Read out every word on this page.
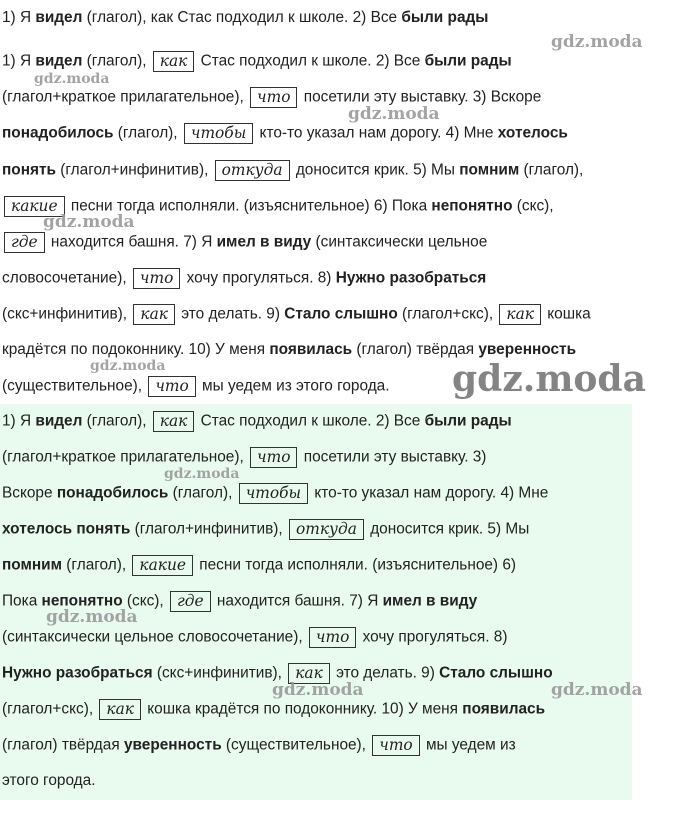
1) Я видел (глагол), как Стас подходил к школе. 2) Все были рады
1) Я видел (глагол), как Стас подходил к школе. 2) Все были рады
(глагол+краткое прилагательное), что посетили эту выставку. 3) Вскоре
понадобилось (глагол), чтобы кто-то указал нам дорогу. 4) Мне хотелось
понять (глагол+инфинитив), откуда доносится крик. 5) Мы помним (глагол),
какие песни тогда исполняли. (изъяснительное) 6) Пока непонятно (скс),
где находится башня. 7) Я имел в виду (синтаксически цельное
словосочетание), что хочу прогуляться. 8) Нужно разобраться
(скс+инфинитив), как это делать. 9) Стало слышно (глагол+скс), как кошка
крадётся по подоконнику. 10) У меня появилась (глагол) твёрдая уверенность
(существительное), что мы уедем из этого города.
1) Я видел (глагол), как Стас подходил к школе. 2) Все были рады
(глагол+краткое прилагательное), что посетили эту выставку. 3)
Вскоре понадобилось (глагол), чтобы кто-то указал нам дорогу. 4) Мне
хотелось понять (глагол+инфинитив), откуда доносится крик. 5) Мы
помним (глагол), какие песни тогда исполняли. (изъяснительное) 6)
Пока непонятно (скс), где находится башня. 7) Я имел в виду
(синтаксически цельное словосочетание), что хочу прогуляться. 8)
Нужно разобраться (скс+инфинитив), как это делать. 9) Стало слышно
(глагол+скс), как кошка крадётся по подоконнику. 10) У меня появилась
(глагол) твёрдая уверенность (существительное), что мы уедем из
этого города.
gdz.moda
gdz.moda
gdz.moda
gdz.moda
gdz.moda	gdz.moda
gdz.moda
gdz.moda
gdz.moda	gdz.moda
